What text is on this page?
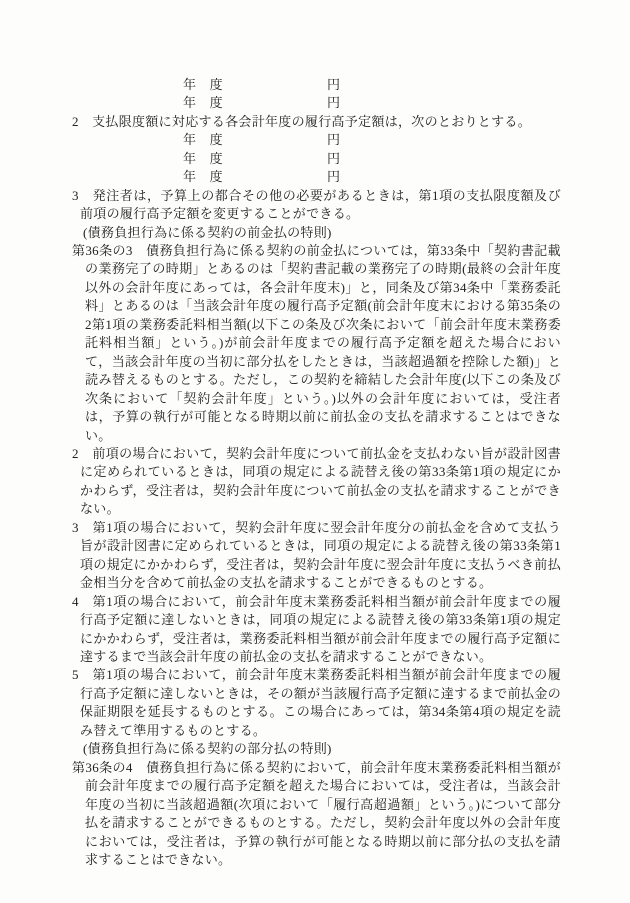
年　度	円
年　度	円

2　支払限度額に対応する各会計年度の履行高予定額は，次のとおりとする。

年　度	円
年　度	円
年　度	円

3　発注者は，予算上の都合その他の必要があるときは，第1項の支払限度額及び前項の履行高予定額を変更することができる。

(債務負担行為に係る契約の前金払の特則)

第36条の3　債務負担行為に係る契約の前金払については，第33条中「契約書記載の業務完了の時期」とあるのは「契約書記載の業務完了の時期(最終の会計年度以外の会計年度にあっては，各会計年度末)」と，同条及び第34条中「業務委託料」とあるのは「当該会計年度の履行高予定額(前会計年度末における第35条の2第1項の業務委託料相当額(以下この条及び次条において「前会計年度末業務委託料相当額」という。)が前会計年度までの履行高予定額を超えた場合において，当該会計年度の当初に部分払をしたときは，当該超過額を控除した額)」と読み替えるものとする。ただし，この契約を締結した会計年度(以下この条及び次条において「契約会計年度」という。)以外の会計年度においては，受注者は，予算の執行が可能となる時期以前に前払金の支払を請求することはできない。

2　前項の場合において，契約会計年度について前払金を支払わない旨が設計図書に定められているときは，同項の規定による読替え後の第33条第1項の規定にかかわらず，受注者は，契約会計年度について前払金の支払を請求することができない。

3　第1項の場合において，契約会計年度に翌会計年度分の前払金を含めて支払う旨が設計図書に定められているときは，同項の規定による読替え後の第33条第1項の規定にかかわらず，受注者は，契約会計年度に翌会計年度に支払うべき前払金相当分を含めて前払金の支払を請求することができるものとする。

4　第1項の場合において，前会計年度末業務委託料相当額が前会計年度までの履行高予定額に達しないときは，同項の規定による読替え後の第33条第1項の規定にかかわらず，受注者は，業務委託料相当額が前会計年度までの履行高予定額に達するまで当該会計年度の前払金の支払を請求することができない。

5　第1項の場合において，前会計年度末業務委託料相当額が前会計年度までの履行高予定額に達しないときは，その額が当該履行高予定額に達するまで前払金の保証期限を延長するものとする。この場合にあっては，第34条第4項の規定を読み替えて準用するものとする。

(債務負担行為に係る契約の部分払の特則)

第36条の4　債務負担行為に係る契約において，前会計年度末業務委託料相当額が前会計年度までの履行高予定額を超えた場合においては，受注者は，当該会計年度の当初に当該超過額(次項において「履行高超過額」という。)について部分払を請求することができるものとする。ただし，契約会計年度以外の会計年度においては，受注者は，予算の執行が可能となる時期以前に部分払の支払を請求することはできない。
